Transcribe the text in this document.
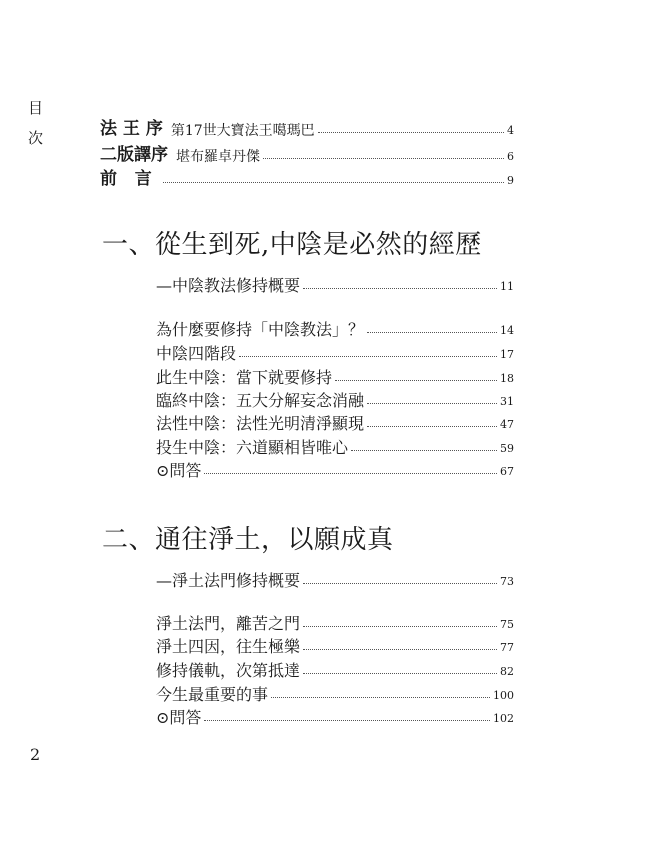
目
次	法 王 序 第17世大寶法王噶瑪巴	4
二版譯序 堪布羅卓丹傑	6
前   言	9
一、從生到死,中陰是必然的經歷
—中陰教法修持概要	11
為什麼要修持「中陰教法」？	14
中陰四階段	17
此生中陰：當下就要修持	18
臨終中陰：五大分解妄念消融	31
法性中陰：法性光明清淨顯現	47
投生中陰：六道顯相皆唯心	59
⊙問答	67
二、通往淨土，以願成真
—淨土法門修持概要	73
淨土法門，離苦之門	75
淨土四因，往生極樂	77
修持儀軌，次第抵達	82
今生最重要的事	100
⊙問答	102
2
